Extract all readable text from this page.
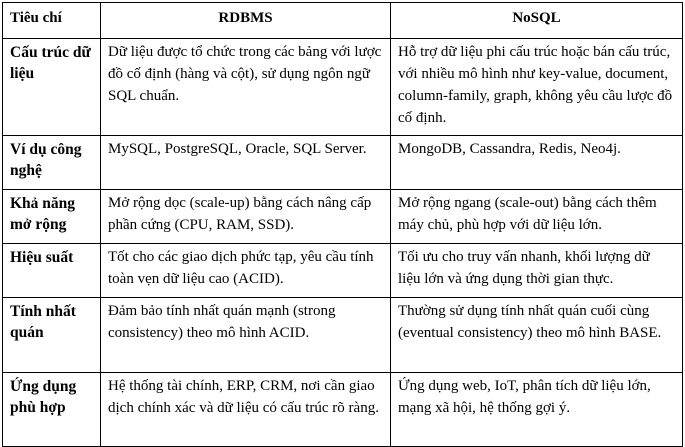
Tiêu chí	RDBMS	NoSQL
Cấu trúc dữ liệu	Dữ liệu được tổ chức trong các bảng với lược đồ cố định (hàng và cột), sử dụng ngôn ngữ SQL chuẩn.	Hỗ trợ dữ liệu phi cấu trúc hoặc bán cấu trúc, với nhiều mô hình như key-value, document, column-family, graph, không yêu cầu lược đồ cố định.
Ví dụ công nghệ	MySQL, PostgreSQL, Oracle, SQL Server.	MongoDB, Cassandra, Redis, Neo4j.
Khả năng mở rộng	Mở rộng dọc (scale-up) bằng cách nâng cấp phần cứng (CPU, RAM, SSD).	Mở rộng ngang (scale-out) bằng cách thêm máy chủ, phù hợp với dữ liệu lớn.
Hiệu suất	Tốt cho các giao dịch phức tạp, yêu cầu tính toàn vẹn dữ liệu cao (ACID).	Tối ưu cho truy vấn nhanh, khối lượng dữ liệu lớn và ứng dụng thời gian thực.
Tính nhất quán	Đảm bảo tính nhất quán mạnh (strong consistency) theo mô hình ACID.	Thường sử dụng tính nhất quán cuối cùng (eventual consistency) theo mô hình BASE.
Ứng dụng phù hợp	Hệ thống tài chính, ERP, CRM, nơi cần giao dịch chính xác và dữ liệu có cấu trúc rõ ràng.	Ứng dụng web, IoT, phân tích dữ liệu lớn, mạng xã hội, hệ thống gợi ý.
